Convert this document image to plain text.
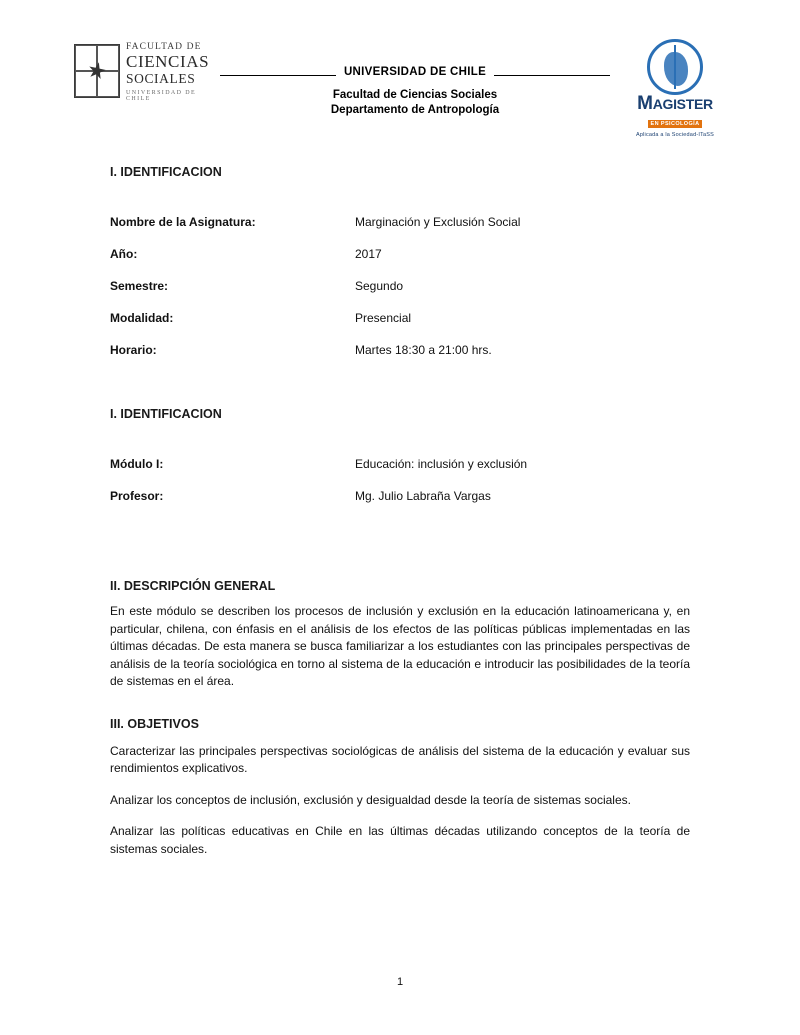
★
FACULTAD DE
CIENCIAS
SOCIALES
UNIVERSIDAD DE CHILE
UNIVERSIDAD DE CHILE
Facultad de Ciencias Sociales
Departamento de Antropología	MAGISTEREN PSICOLOGÍA
Aplicada a la Sociedad-ITaSS
I. IDENTIFICACION
Nombre de la Asignatura:	Marginación y Exclusión Social
Año:	2017
Semestre:	Segundo
Modalidad:	Presencial
Horario:	Martes 18:30 a 21:00 hrs.
I. IDENTIFICACION
Módulo I:	Educación: inclusión y exclusión
Profesor:	Mg. Julio Labraña Vargas
II. DESCRIPCIÓN GENERAL

En este módulo se describen los procesos de inclusión y exclusión en la educación latinoamericana y, en particular, chilena, con énfasis en el análisis de los efectos de las políticas públicas implementadas en las últimas décadas. De esta manera se busca familiarizar a los estudiantes con las principales perspectivas de análisis de la teoría sociológica en torno al sistema de la educación e introducir las posibilidades de la teoría de sistemas en el área.

III. OBJETIVOS

Caracterizar las principales perspectivas sociológicas de análisis del sistema de la educación y evaluar sus rendimientos explicativos.

Analizar los conceptos de inclusión, exclusión y desigualdad desde la teoría de sistemas sociales.

Analizar las políticas educativas en Chile en las últimas décadas utilizando conceptos de la teoría de sistemas sociales.

1
